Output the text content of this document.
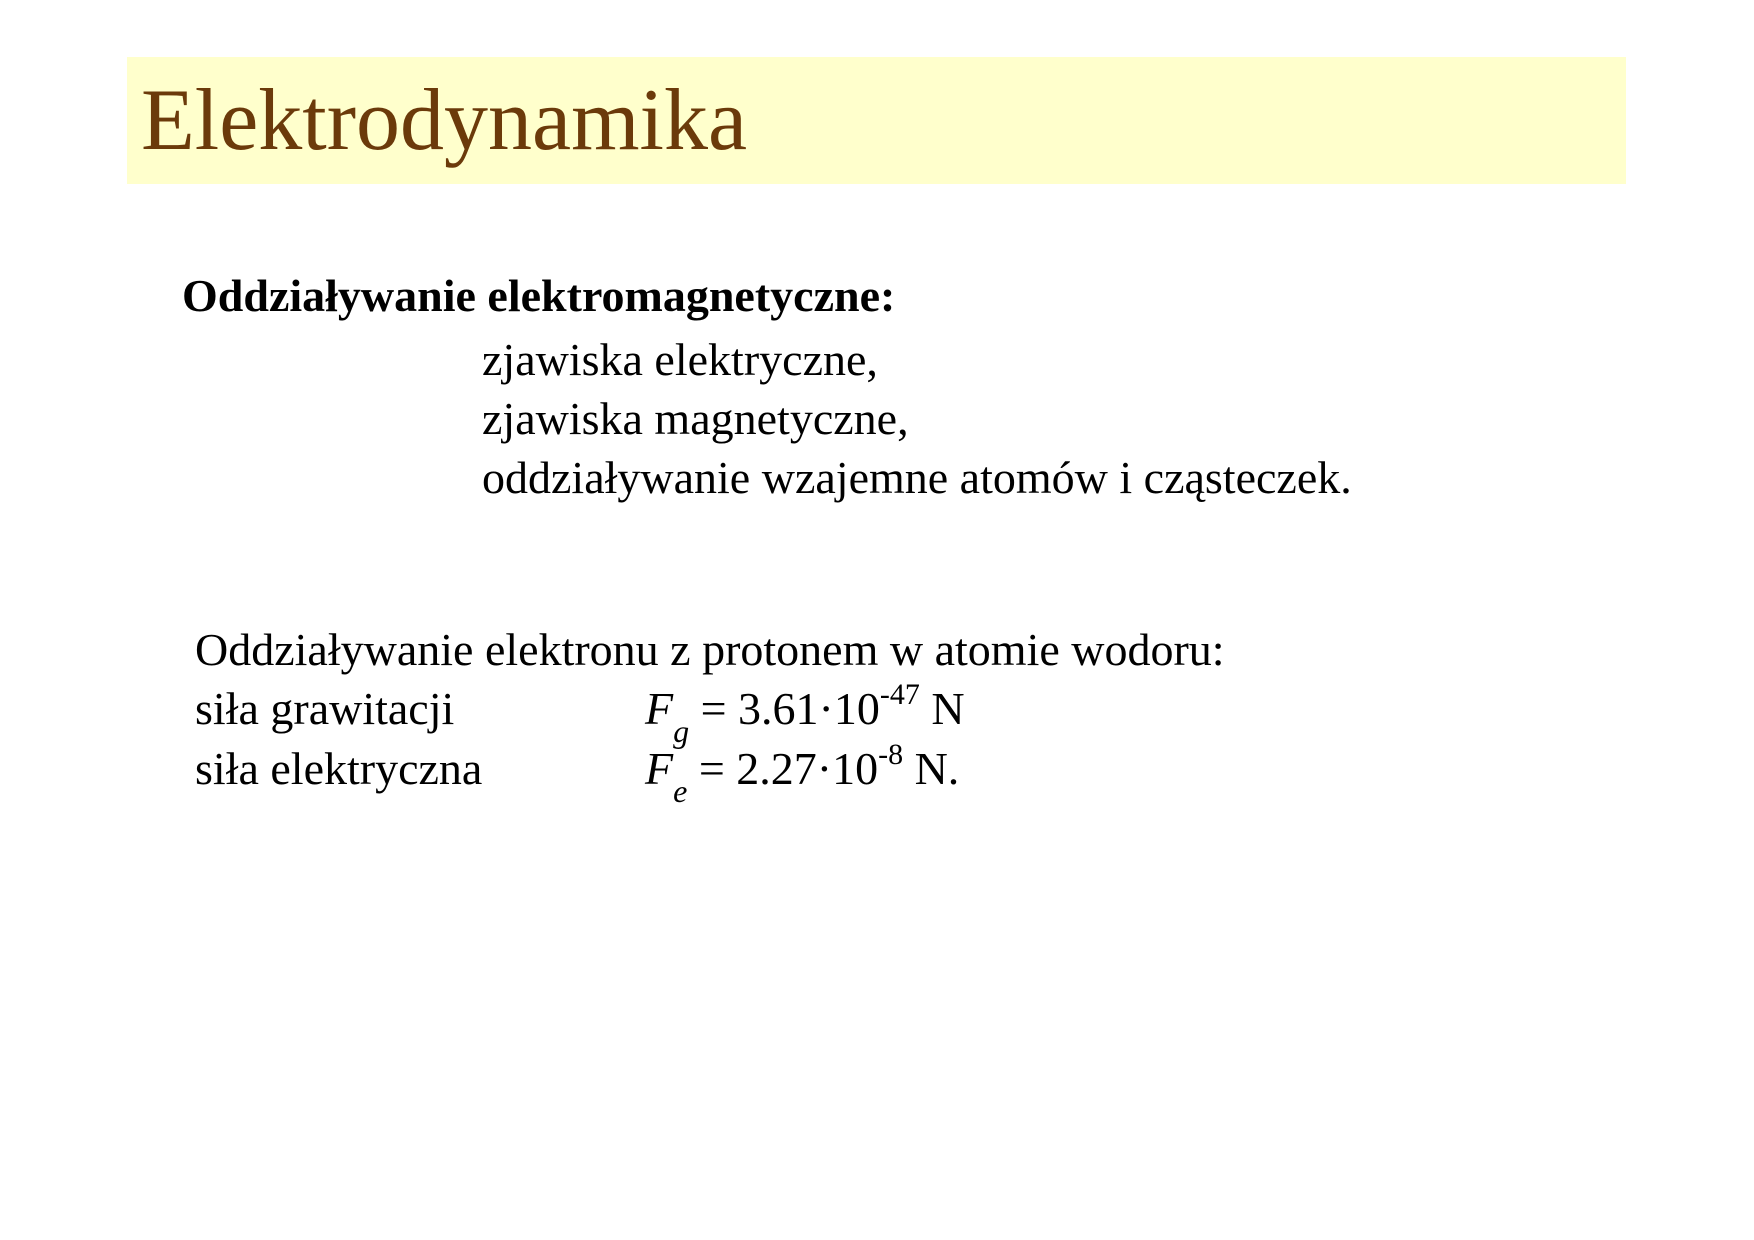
Elektrodynamika
Oddziaływanie elektromagnetyczne:
zjawiska elektryczne,
zjawiska magnetyczne,
oddziaływanie wzajemne atomów i cząsteczek.
Oddziaływanie elektronu z protonem w atomie wodoru:
siła grawitacji	$F_g = 3.61\cdot 10^{-47}$ N
siła elektryczna	$F_e = 2.27\cdot 10^{-8}$ N.
